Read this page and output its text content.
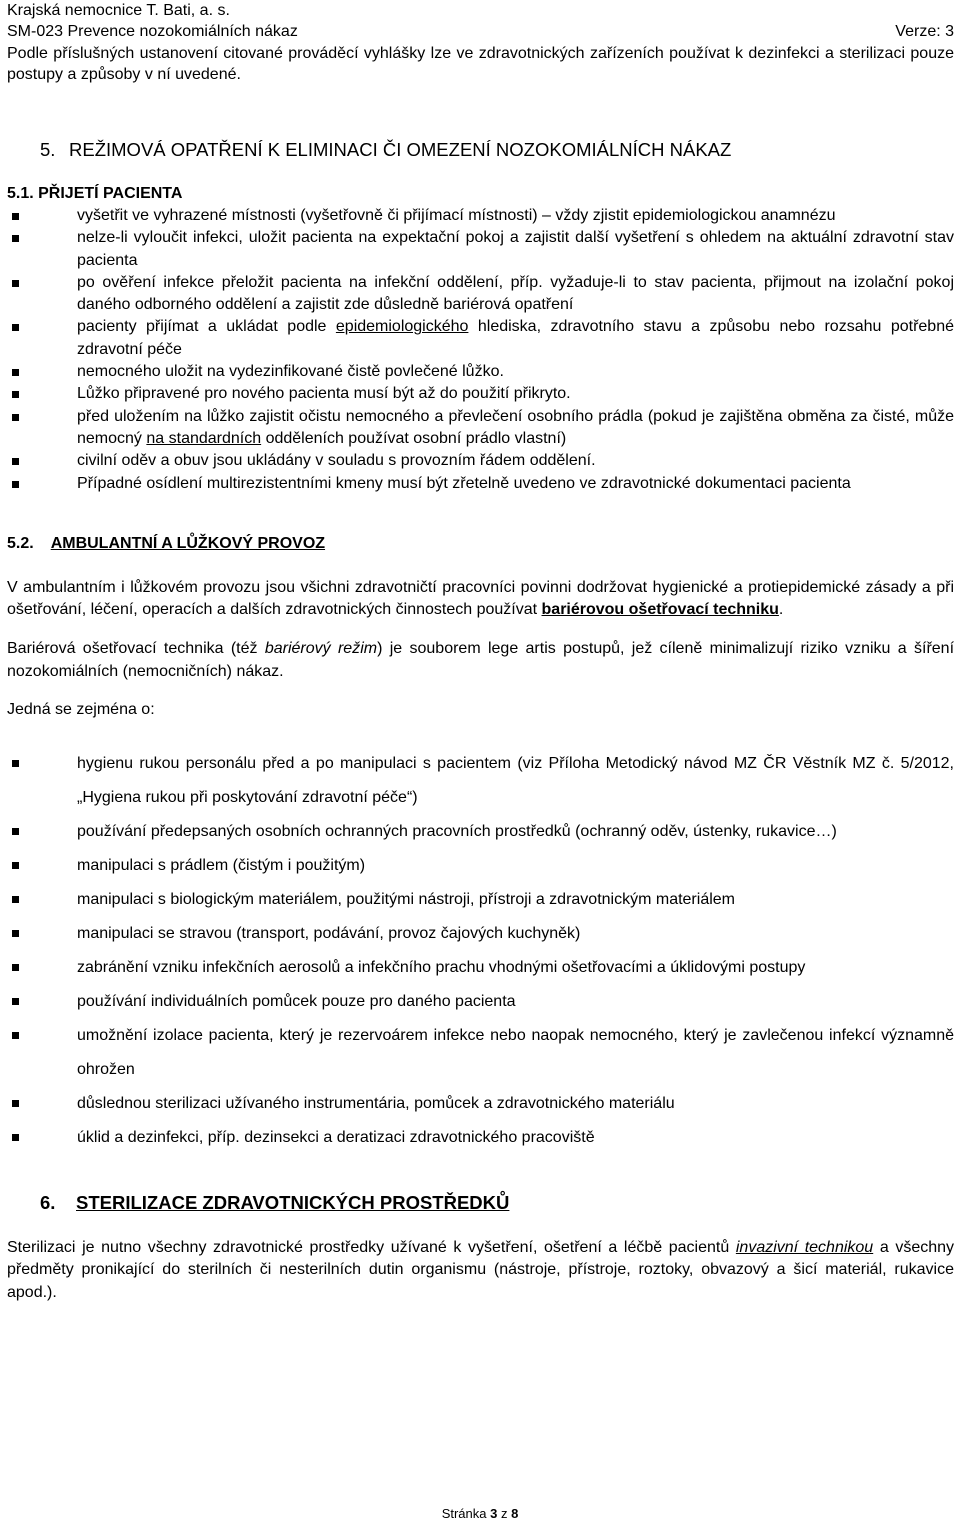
Krajská nemocnice T. Bati, a. s.
SM-023 Prevence nozokomiálních nákaz	Verze: 3
Podle příslušných ustanovení citované prováděcí vyhlášky lze ve zdravotnických zařízeních používat k dezinfekci a sterilizaci pouze postupy a způsoby v ní uvedené.
5. REŽIMOVÁ OPATŘENÍ K ELIMINACI ČI OMEZENÍ NOZOKOMIÁLNÍCH NÁKAZ
5.1. PŘIJETÍ PACIENTA
vyšetřit ve vyhrazené místnosti (vyšetřovně či přijímací místnosti) – vždy zjistit epidemiologickou anamnézu
nelze-li vyloučit infekci, uložit pacienta na expektační pokoj a zajistit další vyšetření s ohledem na aktuální zdravotní stav pacienta
po ověření infekce přeložit pacienta na infekční oddělení, příp. vyžaduje-li to stav pacienta, přijmout na izolační pokoj daného odborného oddělení a zajistit zde důsledně bariérová opatření
pacienty přijímat a ukládat podle epidemiologického hlediska, zdravotního stavu a způsobu nebo rozsahu potřebné zdravotní péče
nemocného uložit na vydezinfikované čistě povlečené lůžko.
Lůžko připravené pro nového pacienta musí být až do použití přikryto.
před uložením na lůžko zajistit očistu nemocného a převlečení osobního prádla (pokud je zajištěna obměna za čisté, může nemocný na standardních odděleních používat osobní prádlo vlastní)
civilní oděv a obuv jsou ukládány v souladu s provozním řádem oddělení.
Případné osídlení multirezistentními kmeny musí být zřetelně uvedeno ve zdravotnické dokumentaci pacienta
5.2. AMBULANTNÍ A LŮŽKOVÝ PROVOZ

V ambulantním i lůžkovém provozu jsou všichni zdravotničtí pracovníci povinni dodržovat hygienické a protiepidemické zásady a při ošetřování, léčení, operacích a dalších zdravotnických činnostech používat bariérovou ošetřovací techniku.

Bariérová ošetřovací technika (též bariérový režim) je souborem lege artis postupů, jež cíleně minimalizují riziko vzniku a šíření nozokomiálních (nemocničních) nákaz.

Jedná se zejména o:

hygienu rukou personálu před a po manipulaci s pacientem (viz Příloha Metodický návod MZ ČR Věstník MZ č. 5/2012, „Hygiena rukou při poskytování zdravotní péče“)
používání předepsaných osobních ochranných pracovních prostředků (ochranný oděv, ústenky, rukavice…)
manipulaci s prádlem (čistým i použitým)
manipulaci s biologickým materiálem, použitými nástroji, přístroji a zdravotnickým materiálem
manipulaci se stravou (transport, podávání, provoz čajových kuchyněk)
zabránění vzniku infekčních aerosolů a infekčního prachu vhodnými ošetřovacími a úklidovými postupy
používání individuálních pomůcek pouze pro daného pacienta
umožnění izolace pacienta, který je rezervoárem infekce nebo naopak nemocného, který je zavlečenou infekcí významně ohrožen
důslednou sterilizaci užívaného instrumentária, pomůcek a zdravotnického materiálu
úklid a dezinfekci, příp. dezinsekci a deratizaci zdravotnického pracoviště
6. STERILIZACE ZDRAVOTNICKÝCH PROSTŘEDKŮ

Sterilizaci je nutno všechny zdravotnické prostředky užívané k vyšetření, ošetření a léčbě pacientů invazivní technikou a všechny předměty pronikající do sterilních či nesterilních dutin organismu (nástroje, přístroje, roztoky, obvazový a šicí materiál, rukavice apod.).

Stránka 3 z 8
